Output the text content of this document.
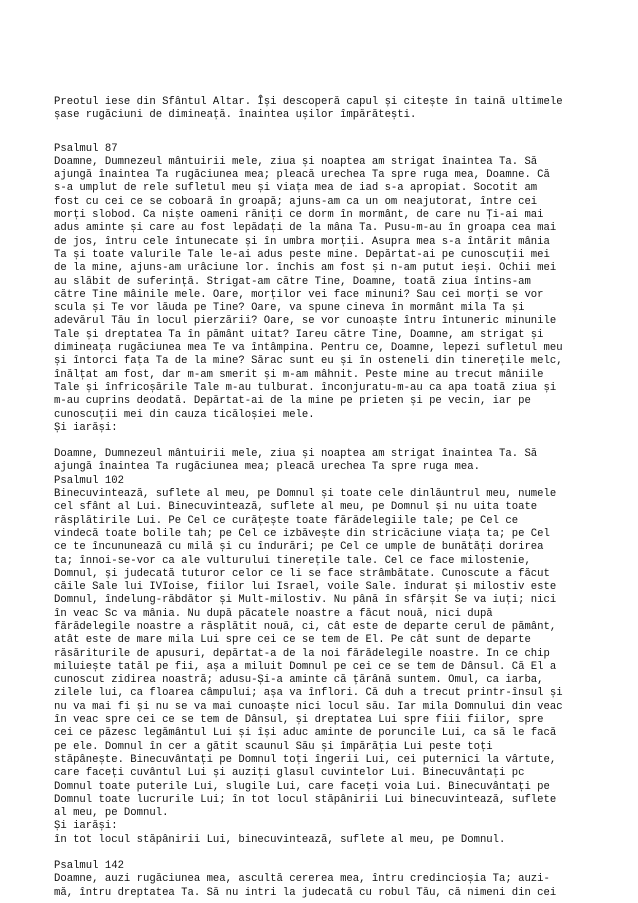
Preotul iese din Sfântul Altar. Își descoperă capul și citește în taină ultimele
șase rugăciuni de dimineață. înaintea ușilor împărătești.
Psalmul 87
Doamne, Dumnezeul mântuirii mele, ziua și noaptea am strigat înaintea Ta. Să
ajungă înaintea Ta rugăciunea mea; pleacă urechea Ta spre ruga mea, Doamne. Că
s-a umplut de rele sufletul meu și viața mea de iad s-a apropiat. Socotit am
fost cu cei ce se coboară în groapă; ajuns-am ca un om neajutorat, între cei
morți slobod. Ca niște oameni răniți ce dorm în mormânt, de care nu Ți-ai mai
adus aminte și care au fost lepădați de la mâna Ta. Pusu-m-au în groapa cea mai
de jos, întru cele întunecate și în umbra morții. Asupra mea s-a întărit mânia
Ta și toate valurile Tale le-ai adus peste mine. Depărtat-ai pe cunoscuții mei
de la mine, ajuns-am urâciune lor. închis am fost și n-am putut ieși. Ochii mei
au slăbit de suferință. Strigat-am către Tine, Doamne, toată ziua întins-am
către Tine mâinile mele. Oare, morților vei face minuni? Sau cei morți se vor
scula și Te vor lăuda pe Tine? Oare, va spune cineva în mormânt mila Ta și
adevărul Tău în locul pierzării? Oare, se vor cunoaște întru întuneric minunile
Tale și dreptatea Ta în pământ uitat? Iareu către Tine, Doamne, am strigat și
dimineața rugăciunea mea Te va întâmpina. Pentru ce, Doamne, lepezi sufletul meu
și întorci fața Ta de la mine? Sărac sunt eu și în osteneli din tinerețile melc,
înălțat am fost, dar m-am smerit și m-am mâhnit. Peste mine au trecut mâniile
Tale și înfricoșările Tale m-au tulburat. înconjuratu-m-au ca apa toată ziua și
m-au cuprins deodată. Depărtat-ai de la mine pe prieten și pe vecin, iar pe
cunoscuții mei din cauza ticăloșiei mele.
Și iarăși:
Doamne, Dumnezeul mântuirii mele, ziua și noaptea am strigat înaintea Ta. Să
ajungă înaintea Ta rugăciunea mea; pleacă urechea Ta spre ruga mea.
Psalmul 102
Binecuvintează, suflete al meu, pe Domnul și toate cele dinlăuntrul meu, numele
cel sfânt al Lui. Binecuvintează, suflete al meu, pe Domnul și nu uita toate
răsplătirile Lui. Pe Cel ce curățește toate fărădelegiile tale; pe Cel ce
vindecă toate bolile tah; pe Cel ce izbăvește din stricăciune viața ta; pe Cel
ce te încununează cu milă și cu îndurări; pe Cel ce umple de bunătăți dorirea
ta; înnoi-se-vor ca ale vulturului tinerețile tale. Cel ce face milostenie,
Domnul, și judecată tuturor celor ce li se face strâmbătate. Cunoscute a făcut
căile Sale lui IVIoise, fiilor lui Israel, voile Sale. îndurat și milostiv este
Domnul, îndelung-răbdător și Mult-milostiv. Nu până în sfârșit Se va iuți; nici
în veac Sc va mânia. Nu după păcatele noastre a făcut nouă, nici după
fărădelegile noastre a răsplătit nouă, ci, cât este de departe cerul de pământ,
atât este de mare mila Lui spre cei ce se tem de El. Pe cât sunt de departe
răsăriturile de apusuri, depărtat-a de la noi fărădelegile noastre. In ce chip
miluiește tatăl pe fii, așa a miluit Domnul pe cei ce se tem de Dânsul. Că El a
cunoscut zidirea noastră; adusu-Și-a aminte că țărână suntem. Omul, ca iarba,
zilele lui, ca floarea câmpului; așa va înflori. Că duh a trecut printr-însul și
nu va mai fi și nu se va mai cunoaște nici locul său. Iar mila Domnului din veac
în veac spre cei ce se tem de Dânsul, și dreptatea Lui spre fiii fiilor, spre
cei ce păzesc legământul Lui și își aduc aminte de poruncile Lui, ca să le facă
pe ele. Domnul în cer a gătit scaunul Său și împărăția Lui peste toți
stăpânește. Binecuvântați pe Domnul toți îngerii Lui, cei puternici la vârtute,
care faceți cuvântul Lui și auziți glasul cuvintelor Lui. Binecuvântați pc
Domnul toate puterile Lui, slugile Lui, care faceți voia Lui. Binecuvântați pe
Domnul toate lucrurile Lui; în tot locul stăpânirii Lui binecuvintează, suflete
al meu, pe Domnul.
Și iarăși:
în tot locul stăpânirii Lui, binecuvintează, suflete al meu, pe Domnul.
Psalmul 142
Doamne, auzi rugăciunea mea, ascultă cererea mea, întru credincioșia Ta; auzi-
mă, întru dreptatea Ta. Să nu intri la judecată cu robul Tău, că nimeni din cei
